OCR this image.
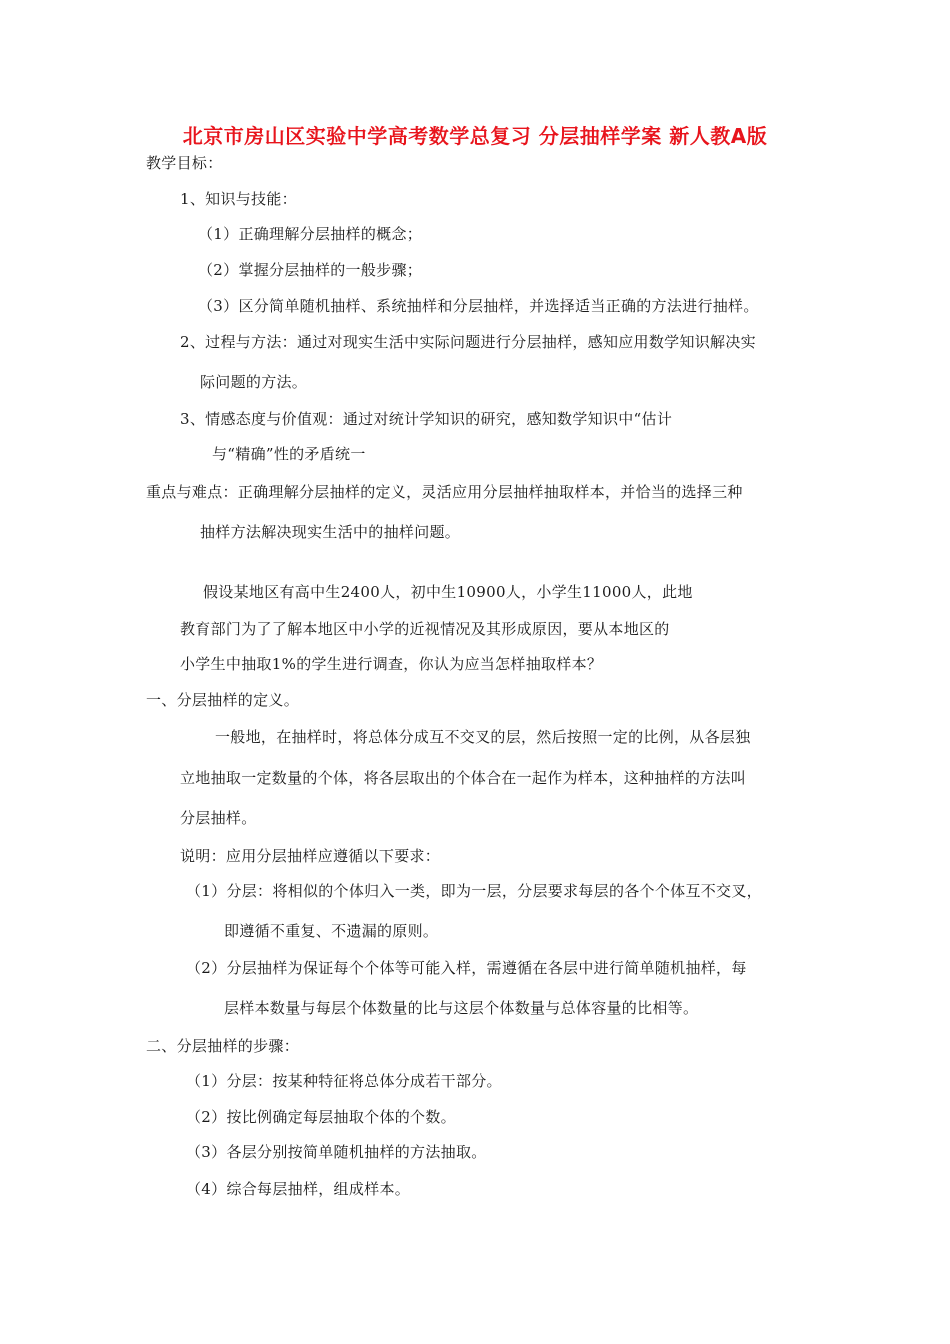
北京市房山区实验中学高考数学总复习 分层抽样学案 新人教A版
教学目标：
1、知识与技能：
（1）正确理解分层抽样的概念；
（2）掌握分层抽样的一般步骤；
（3）区分简单随机抽样、系统抽样和分层抽样，并选择适当正确的方法进行抽样。
2、过程与方法：通过对现实生活中实际问题进行分层抽样，感知应用数学知识解决实
际问题的方法。
3、情感态度与价值观：通过对统计学知识的研究，感知数学知识中“估计
与“精确”性的矛盾统一
重点与难点：正确理解分层抽样的定义，灵活应用分层抽样抽取样本，并恰当的选择三种
抽样方法解决现实生活中的抽样问题。
假设某地区有高中生2400人，初中生10900人，小学生11000人，此地
教育部门为了了解本地区中小学的近视情况及其形成原因，要从本地区的
小学生中抽取1%的学生进行调查，你认为应当怎样抽取样本？
一、分层抽样的定义。
一般地，在抽样时，将总体分成互不交叉的层，然后按照一定的比例，从各层独
立地抽取一定数量的个体，将各层取出的个体合在一起作为样本，这种抽样的方法叫
分层抽样。
说明：应用分层抽样应遵循以下要求：
（1）分层：将相似的个体归入一类，即为一层，分层要求每层的各个个体互不交叉，
即遵循不重复、不遗漏的原则。
（2）分层抽样为保证每个个体等可能入样，需遵循在各层中进行简单随机抽样，每
层样本数量与每层个体数量的比与这层个体数量与总体容量的比相等。
二、分层抽样的步骤：
（1）分层：按某种特征将总体分成若干部分。
（2）按比例确定每层抽取个体的个数。
（3）各层分别按简单随机抽样的方法抽取。
（4）综合每层抽样，组成样本。
